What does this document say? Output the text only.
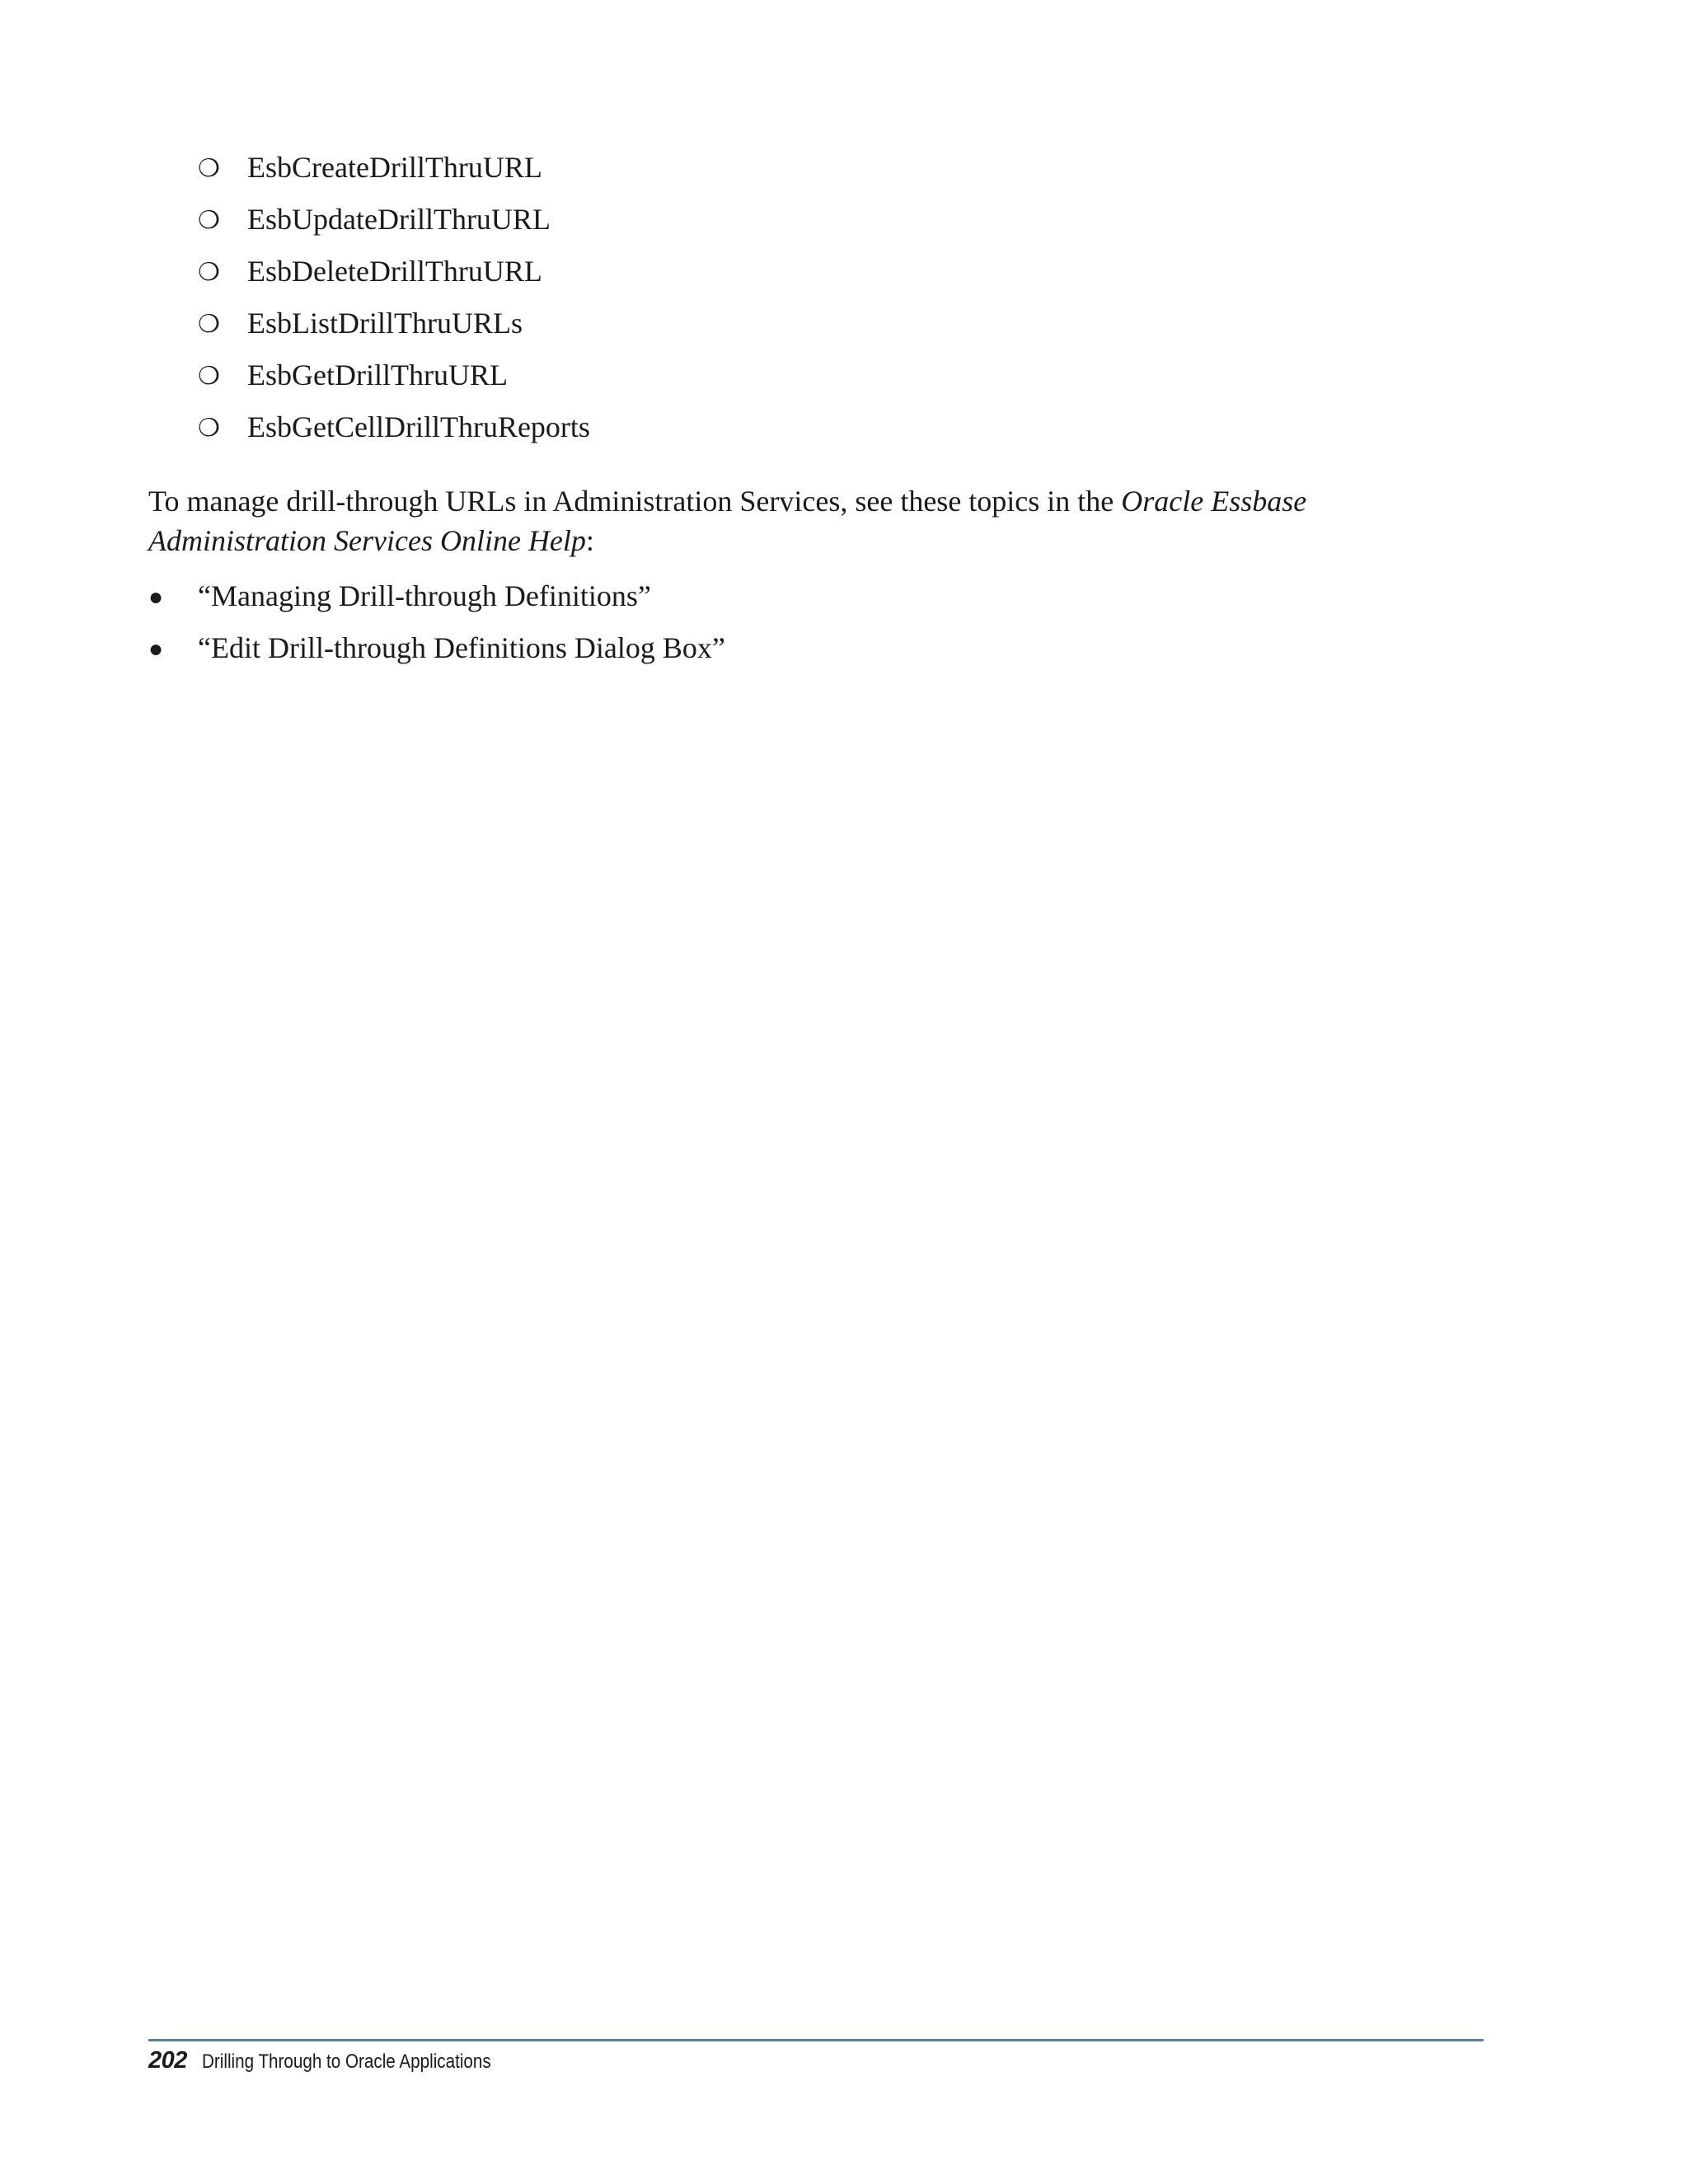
❍ EsbCreateDrillThruURL
❍ EsbUpdateDrillThruURL
❍ EsbDeleteDrillThruURL
❍ EsbListDrillThruURLs
❍ EsbGetDrillThruURL
❍ EsbGetCellDrillThruReports

To manage drill-through URLs in Administration Services, see these topics in the Oracle Essbase Administration Services Online Help:

● “Managing Drill-through Definitions”
● “Edit Drill-through Definitions Dialog Box”
202 Drilling Through to Oracle Applications
